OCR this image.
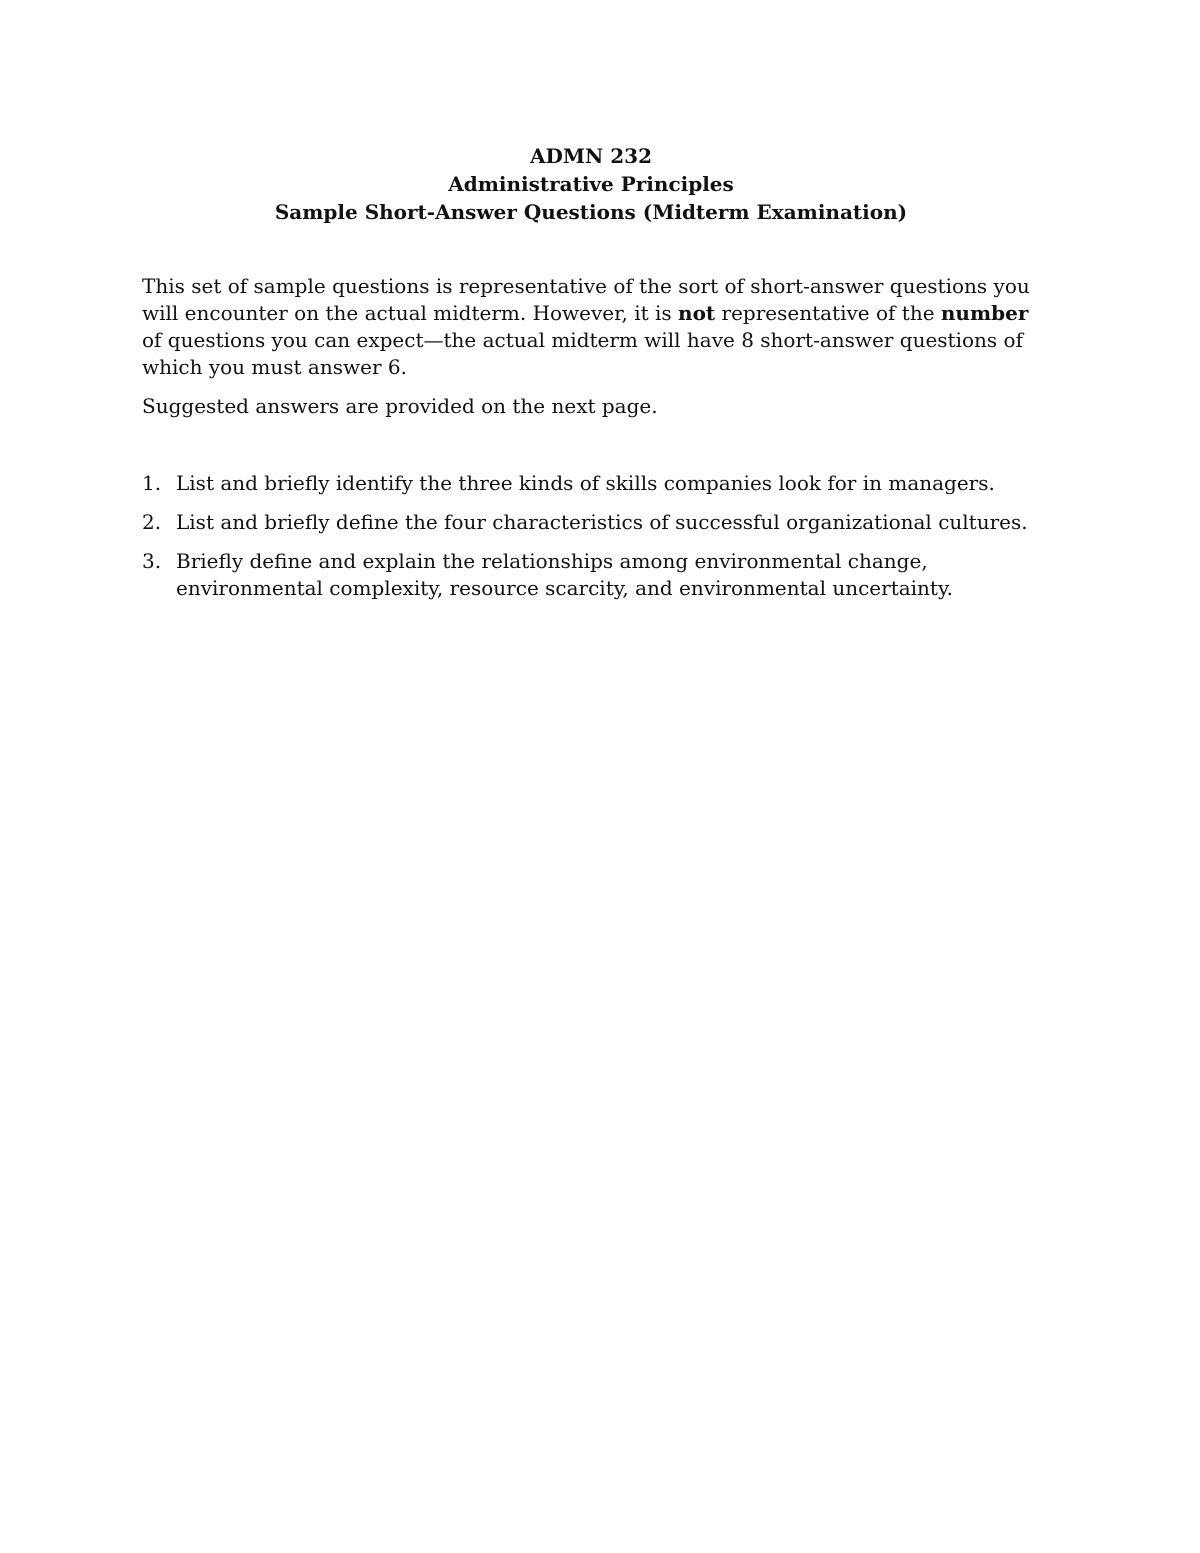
ADMN 232
Administrative Principles
Sample Short-Answer Questions (Midterm Examination)

This set of sample questions is representative of the sort of short-answer questions you will encounter on the actual midterm. However, it is not representative of the number of questions you can expect—the actual midterm will have 8 short-answer questions of which you must answer 6.

Suggested answers are provided on the next page.

1. List and briefly identify the three kinds of skills companies look for in managers.
2. List and briefly define the four characteristics of successful organizational cultures.
3. Briefly define and explain the relationships among environmental change, environmental complexity, resource scarcity, and environmental uncertainty.
